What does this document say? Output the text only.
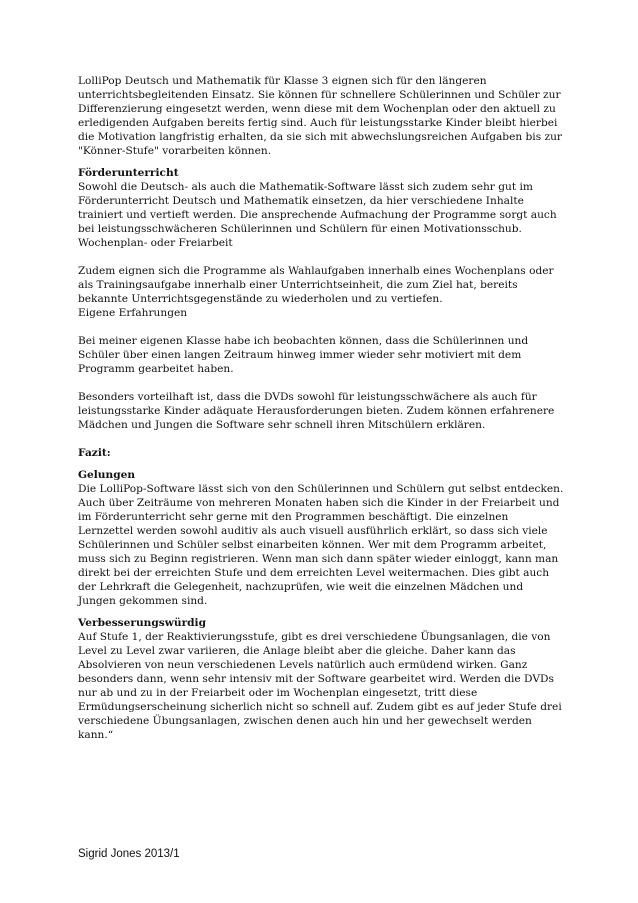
LolliPop Deutsch und Mathematik für Klasse 3 eignen sich für den längeren unterrichtsbegleitenden Einsatz. Sie können für schnellere Schülerinnen und Schüler zur Differenzierung eingesetzt werden, wenn diese mit dem Wochenplan oder den aktuell zu erledigenden Aufgaben bereits fertig sind. Auch für leistungsstarke Kinder bleibt hierbei die Motivation langfristig erhalten, da sie sich mit abwechslungsreichen Aufgaben bis zur "Könner-Stufe" vorarbeiten können.

Förderunterricht

Sowohl die Deutsch- als auch die Mathematik-Software lässt sich zudem sehr gut im Förderunterricht Deutsch und Mathematik einsetzen, da hier verschiedene Inhalte trainiert und vertieft werden. Die ansprechende Aufmachung der Programme sorgt auch bei leistungsschwächeren Schülerinnen und Schülern für einen Motivationsschub.

Wochenplan- oder Freiarbeit

Zudem eignen sich die Programme als Wahlaufgaben innerhalb eines Wochenplans oder als Trainingsaufgabe innerhalb einer Unterrichtseinheit, die zum Ziel hat, bereits bekannte Unterrichtsgegenstände zu wiederholen und zu vertiefen.

Eigene Erfahrungen

Bei meiner eigenen Klasse habe ich beobachten können, dass die Schülerinnen und Schüler über einen langen Zeitraum hinweg immer wieder sehr motiviert mit dem Programm gearbeitet haben.

Besonders vorteilhaft ist, dass die DVDs sowohl für leistungsschwächere als auch für leistungsstarke Kinder adäquate Herausforderungen bieten. Zudem können erfahrenere Mädchen und Jungen die Software sehr schnell ihren Mitschülern erklären.

Fazit:

Gelungen

Die LolliPop-Software lässt sich von den Schülerinnen und Schülern gut selbst entdecken. Auch über Zeiträume von mehreren Monaten haben sich die Kinder in der Freiarbeit und im Förderunterricht sehr gerne mit den Programmen beschäftigt. Die einzelnen Lernzettel werden sowohl auditiv als auch visuell ausführlich erklärt, so dass sich viele Schülerinnen und Schüler selbst einarbeiten können. Wer mit dem Programm arbeitet, muss sich zu Beginn registrieren. Wenn man sich dann später wieder einloggt, kann man direkt bei der erreichten Stufe und dem erreichten Level weitermachen. Dies gibt auch der Lehrkraft die Gelegenheit, nachzuprüfen, wie weit die einzelnen Mädchen und Jungen gekommen sind.

Verbesserungswürdig

Auf Stufe 1, der Reaktivierungsstufe, gibt es drei verschiedene Übungsanlagen, die von Level zu Level zwar variieren, die Anlage bleibt aber die gleiche. Daher kann das Absolvieren von neun verschiedenen Levels natürlich auch ermüdend wirken. Ganz besonders dann, wenn sehr intensiv mit der Software gearbeitet wird. Werden die DVDs nur ab und zu in der Freiarbeit oder im Wochenplan eingesetzt, tritt diese Ermüdungserscheinung sicherlich nicht so schnell auf. Zudem gibt es auf jeder Stufe drei verschiedene Übungsanlagen, zwischen denen auch hin und her gewechselt werden kann.“

Sigrid Jones 2013/1
